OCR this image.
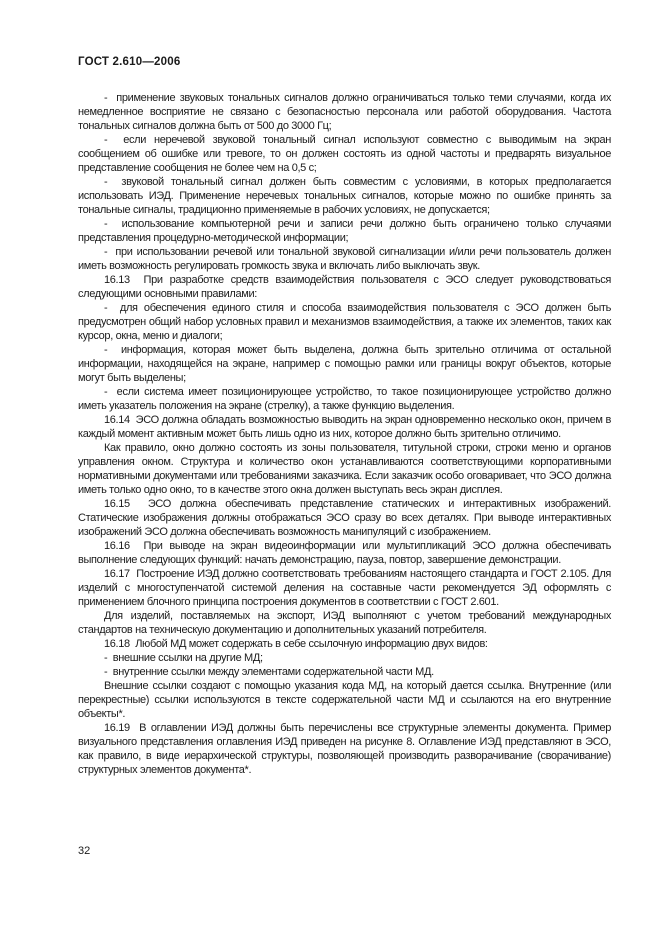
ГОСТ 2.610—2006

-  применение звуковых тональных сигналов должно ограничиваться только теми случаями, когда их немедленное восприятие не связано с безопасностью персонала или работой оборудования. Частота тональных сигналов должна быть от 500 до 3000 Гц;

-  если неречевой звуковой тональный сигнал используют совместно с выводимым на экран сообщением об ошибке или тревоге, то он должен состоять из одной частоты и предварять визуальное представление сообщения не более чем на 0,5 с;

-  звуковой тональный сигнал должен быть совместим с условиями, в которых предполагается использовать ИЭД. Применение неречевых тональных сигналов, которые можно по ошибке принять за тональные сигналы, традиционно применяемые в рабочих условиях, не допускается;

-  использование компьютерной речи и записи речи должно быть ограничено только случаями представления процедурно-методической информации;

-  при использовании речевой или тональной звуковой сигнализации и/или речи пользователь должен иметь возможность регулировать громкость звука и включать либо выключать звук.

16.13  При разработке средств взаимодействия пользователя с ЭСО следует руководствоваться следующими основными правилами:

-  для обеспечения единого стиля и способа взаимодействия пользователя с ЭСО должен быть предусмотрен общий набор условных правил и механизмов взаимодействия, а также их элементов, таких как курсор, окна, меню и диалоги;

-  информация, которая может быть выделена, должна быть зрительно отличима от остальной информации, находящейся на экране, например с помощью рамки или границы вокруг объектов, которые могут быть выделены;

-  если система имеет позиционирующее устройство, то такое позиционирующее устройство должно иметь указатель положения на экране (стрелку), а также функцию выделения.

16.14  ЭСО должна обладать возможностью выводить на экран одновременно несколько окон, причем в каждый момент активным может быть лишь одно из них, которое должно быть зрительно отличимо.

Как правило, окно должно состоять из зоны пользователя, титульной строки, строки меню и органов управления окном. Структура и количество окон устанавливаются соответствующими корпоративными нормативными документами или требованиями заказчика. Если заказчик особо оговаривает, что ЭСО должна иметь только одно окно, то в качестве этого окна должен выступать весь экран дисплея.

16.15  ЭСО должна обеспечивать представление статических и интерактивных изображений. Статические изображения должны отображаться ЭСО сразу во всех деталях. При выводе интерактивных изображений ЭСО должна обеспечивать возможность манипуляций с изображением.

16.16  При выводе на экран видеоинформации или мультипликаций ЭСО должна обеспечивать выполнение следующих функций: начать демонстрацию, пауза, повтор, завершение демонстрации.

16.17  Построение ИЭД должно соответствовать требованиям настоящего стандарта и ГОСТ 2.105. Для изделий с многоступенчатой системой деления на составные части рекомендуется ЭД оформлять с применением блочного принципа построения документов в соответствии с ГОСТ 2.601.

Для изделий, поставляемых на экспорт, ИЭД выполняют с учетом требований международных стандартов на техническую документацию и дополнительных указаний потребителя.

16.18  Любой МД может содержать в себе ссылочную информацию двух видов:

-  внешние ссылки на другие МД;

-  внутренние ссылки между элементами содержательной части МД.

Внешние ссылки создают с помощью указания кода МД, на который дается ссылка. Внутренние (или перекрестные) ссылки используются в тексте содержательной части МД и ссылаются на его внутренние объекты*.

16.19  В оглавлении ИЭД должны быть перечислены все структурные элементы документа. Пример визуального представления оглавления ИЭД приведен на рисунке 8. Оглавление ИЭД представляют в ЭСО, как правило, в виде иерархической структуры, позволяющей производить разворачивание (сворачивание) структурных элементов документа*.

32
